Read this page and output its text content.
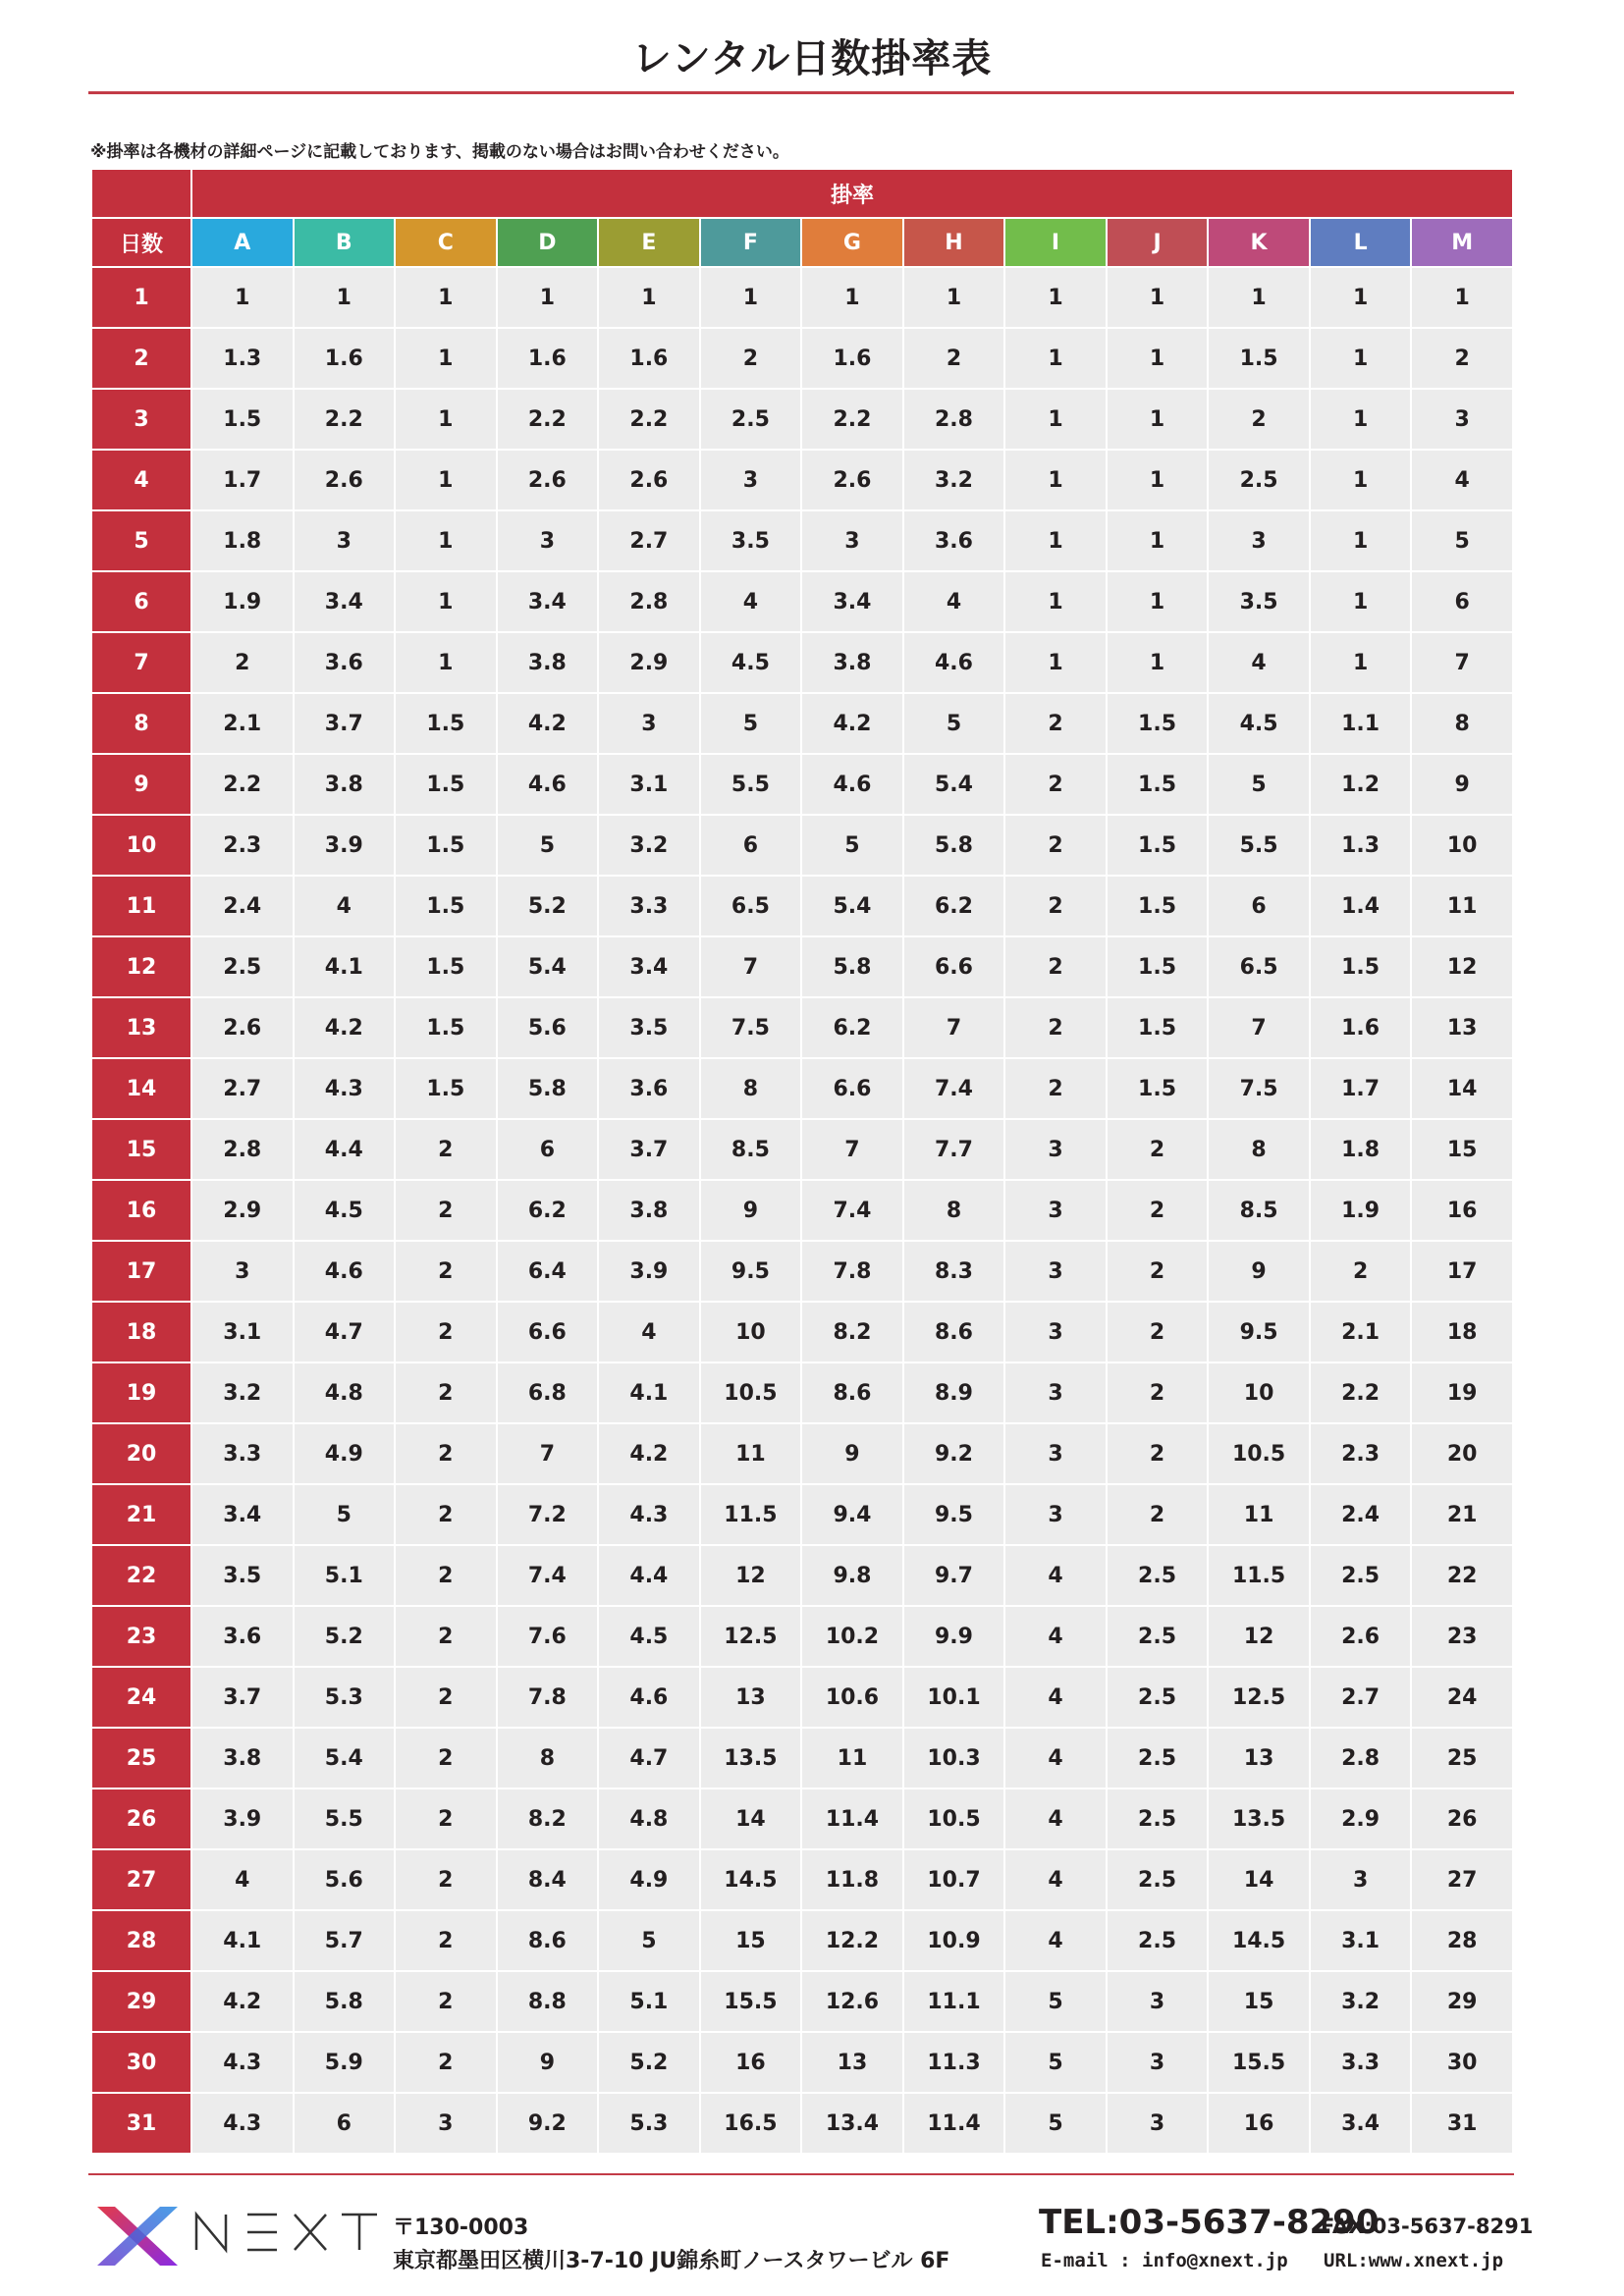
レンタル日数掛率表
※掛率は各機材の詳細ページに記載しております、掲載のない場合はお問い合わせください。
	掛率												
日数	A	B	C	D	E	F	G	H	I	J	K	L	M
1	1	1	1	1	1	1	1	1	1	1	1	1	1
2	1.3	1.6	1	1.6	1.6	2	1.6	2	1	1	1.5	1	2
3	1.5	2.2	1	2.2	2.2	2.5	2.2	2.8	1	1	2	1	3
4	1.7	2.6	1	2.6	2.6	3	2.6	3.2	1	1	2.5	1	4
5	1.8	3	1	3	2.7	3.5	3	3.6	1	1	3	1	5
6	1.9	3.4	1	3.4	2.8	4	3.4	4	1	1	3.5	1	6
7	2	3.6	1	3.8	2.9	4.5	3.8	4.6	1	1	4	1	7
8	2.1	3.7	1.5	4.2	3	5	4.2	5	2	1.5	4.5	1.1	8
9	2.2	3.8	1.5	4.6	3.1	5.5	4.6	5.4	2	1.5	5	1.2	9
10	2.3	3.9	1.5	5	3.2	6	5	5.8	2	1.5	5.5	1.3	10
11	2.4	4	1.5	5.2	3.3	6.5	5.4	6.2	2	1.5	6	1.4	11
12	2.5	4.1	1.5	5.4	3.4	7	5.8	6.6	2	1.5	6.5	1.5	12
13	2.6	4.2	1.5	5.6	3.5	7.5	6.2	7	2	1.5	7	1.6	13
14	2.7	4.3	1.5	5.8	3.6	8	6.6	7.4	2	1.5	7.5	1.7	14
15	2.8	4.4	2	6	3.7	8.5	7	7.7	3	2	8	1.8	15
16	2.9	4.5	2	6.2	3.8	9	7.4	8	3	2	8.5	1.9	16
17	3	4.6	2	6.4	3.9	9.5	7.8	8.3	3	2	9	2	17
18	3.1	4.7	2	6.6	4	10	8.2	8.6	3	2	9.5	2.1	18
19	3.2	4.8	2	6.8	4.1	10.5	8.6	8.9	3	2	10	2.2	19
20	3.3	4.9	2	7	4.2	11	9	9.2	3	2	10.5	2.3	20
21	3.4	5	2	7.2	4.3	11.5	9.4	9.5	3	2	11	2.4	21
22	3.5	5.1	2	7.4	4.4	12	9.8	9.7	4	2.5	11.5	2.5	22
23	3.6	5.2	2	7.6	4.5	12.5	10.2	9.9	4	2.5	12	2.6	23
24	3.7	5.3	2	7.8	4.6	13	10.6	10.1	4	2.5	12.5	2.7	24
25	3.8	5.4	2	8	4.7	13.5	11	10.3	4	2.5	13	2.8	25
26	3.9	5.5	2	8.2	4.8	14	11.4	10.5	4	2.5	13.5	2.9	26
27	4	5.6	2	8.4	4.9	14.5	11.8	10.7	4	2.5	14	3	27
28	4.1	5.7	2	8.6	5	15	12.2	10.9	4	2.5	14.5	3.1	28
29	4.2	5.8	2	8.8	5.1	15.5	12.6	11.1	5	3	15	3.2	29
30	4.3	5.9	2	9	5.2	16	13	11.3	5	3	15.5	3.3	30
31	4.3	6	3	9.2	5.3	16.5	13.4	11.4	5	3	16	3.4	31
〒130-0003
東京都墨田区横川3-7-10 JU錦糸町ノースタワービル 6F
TEL:03-5637-8290
FAX:03-5637-8291
E-mail : info@xnext.jp URL:www.xnext.jp
